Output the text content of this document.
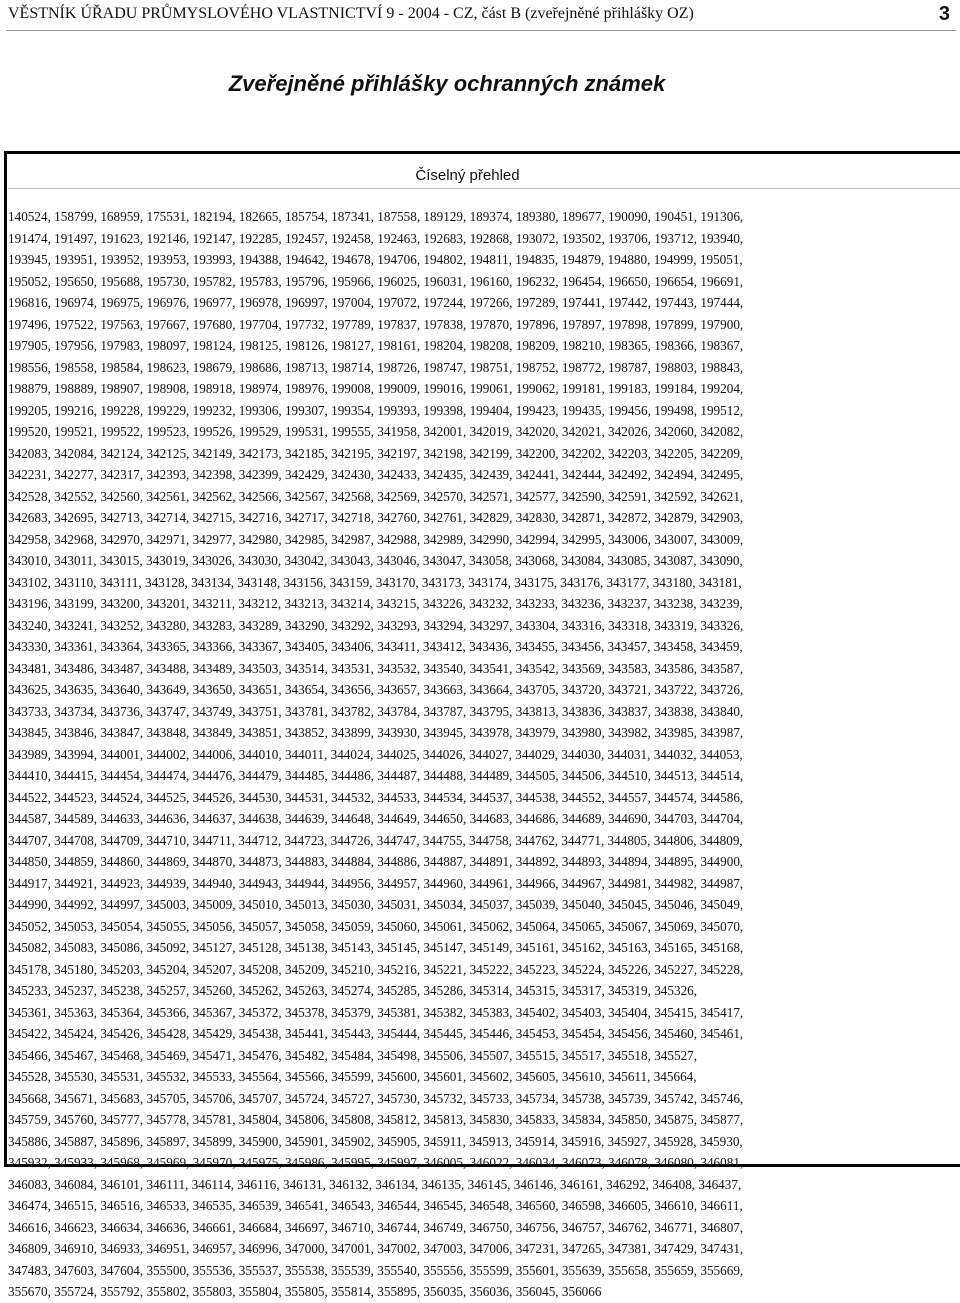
VĚSTNÍK ÚŘADU PRŮMYSLOVÉHO VLASTNICTVÍ 9 - 2004 - CZ, část B (zveřejněné přihlášky OZ)	3
Zveřejněné přihlášky ochranných známek
Číselný přehled
140524, 158799, 168959, 175531, 182194, 182665, 185754, 187341, 187558, 189129, 189374, 189380, 189677, 190090, 190451, 191306,
191474, 191497, 191623, 192146, 192147, 192285, 192457, 192458, 192463, 192683, 192868, 193072, 193502, 193706, 193712, 193940,
193945, 193951, 193952, 193953, 193993, 194388, 194642, 194678, 194706, 194802, 194811, 194835, 194879, 194880, 194999, 195051,
195052, 195650, 195688, 195730, 195782, 195783, 195796, 195966, 196025, 196031, 196160, 196232, 196454, 196650, 196654, 196691,
196816, 196974, 196975, 196976, 196977, 196978, 196997, 197004, 197072, 197244, 197266, 197289, 197441, 197442, 197443, 197444,
197496, 197522, 197563, 197667, 197680, 197704, 197732, 197789, 197837, 197838, 197870, 197896, 197897, 197898, 197899, 197900,
197905, 197956, 197983, 198097, 198124, 198125, 198126, 198127, 198161, 198204, 198208, 198209, 198210, 198365, 198366, 198367,
198556, 198558, 198584, 198623, 198679, 198686, 198713, 198714, 198726, 198747, 198751, 198752, 198772, 198787, 198803, 198843,
198879, 198889, 198907, 198908, 198918, 198974, 198976, 199008, 199009, 199016, 199061, 199062, 199181, 199183, 199184, 199204,
199205, 199216, 199228, 199229, 199232, 199306, 199307, 199354, 199393, 199398, 199404, 199423, 199435, 199456, 199498, 199512,
199520, 199521, 199522, 199523, 199526, 199529, 199531, 199555, 341958, 342001, 342019, 342020, 342021, 342026, 342060, 342082,
342083, 342084, 342124, 342125, 342149, 342173, 342185, 342195, 342197, 342198, 342199, 342200, 342202, 342203, 342205, 342209,
342231, 342277, 342317, 342393, 342398, 342399, 342429, 342430, 342433, 342435, 342439, 342441, 342444, 342492, 342494, 342495,
342528, 342552, 342560, 342561, 342562, 342566, 342567, 342568, 342569, 342570, 342571, 342577, 342590, 342591, 342592, 342621,
342683, 342695, 342713, 342714, 342715, 342716, 342717, 342718, 342760, 342761, 342829, 342830, 342871, 342872, 342879, 342903,
342958, 342968, 342970, 342971, 342977, 342980, 342985, 342987, 342988, 342989, 342990, 342994, 342995, 343006, 343007, 343009,
343010, 343011, 343015, 343019, 343026, 343030, 343042, 343043, 343046, 343047, 343058, 343068, 343084, 343085, 343087, 343090,
343102, 343110, 343111, 343128, 343134, 343148, 343156, 343159, 343170, 343173, 343174, 343175, 343176, 343177, 343180, 343181,
343196, 343199, 343200, 343201, 343211, 343212, 343213, 343214, 343215, 343226, 343232, 343233, 343236, 343237, 343238, 343239,
343240, 343241, 343252, 343280, 343283, 343289, 343290, 343292, 343293, 343294, 343297, 343304, 343316, 343318, 343319, 343326,
343330, 343361, 343364, 343365, 343366, 343367, 343405, 343406, 343411, 343412, 343436, 343455, 343456, 343457, 343458, 343459,
343481, 343486, 343487, 343488, 343489, 343503, 343514, 343531, 343532, 343540, 343541, 343542, 343569, 343583, 343586, 343587,
343625, 343635, 343640, 343649, 343650, 343651, 343654, 343656, 343657, 343663, 343664, 343705, 343720, 343721, 343722, 343726,
343733, 343734, 343736, 343747, 343749, 343751, 343781, 343782, 343784, 343787, 343795, 343813, 343836, 343837, 343838, 343840,
343845, 343846, 343847, 343848, 343849, 343851, 343852, 343899, 343930, 343945, 343978, 343979, 343980, 343982, 343985, 343987,
343989, 343994, 344001, 344002, 344006, 344010, 344011, 344024, 344025, 344026, 344027, 344029, 344030, 344031, 344032, 344053,
344410, 344415, 344454, 344474, 344476, 344479, 344485, 344486, 344487, 344488, 344489, 344505, 344506, 344510, 344513, 344514,
344522, 344523, 344524, 344525, 344526, 344530, 344531, 344532, 344533, 344534, 344537, 344538, 344552, 344557, 344574, 344586,
344587, 344589, 344633, 344636, 344637, 344638, 344639, 344648, 344649, 344650, 344683, 344686, 344689, 344690, 344703, 344704,
344707, 344708, 344709, 344710, 344711, 344712, 344723, 344726, 344747, 344755, 344758, 344762, 344771, 344805, 344806, 344809,
344850, 344859, 344860, 344869, 344870, 344873, 344883, 344884, 344886, 344887, 344891, 344892, 344893, 344894, 344895, 344900,
344917, 344921, 344923, 344939, 344940, 344943, 344944, 344956, 344957, 344960, 344961, 344966, 344967, 344981, 344982, 344987,
344990, 344992, 344997, 345003, 345009, 345010, 345013, 345030, 345031, 345034, 345037, 345039, 345040, 345045, 345046, 345049,
345052, 345053, 345054, 345055, 345056, 345057, 345058, 345059, 345060, 345061, 345062, 345064, 345065, 345067, 345069, 345070,
345082, 345083, 345086, 345092, 345127, 345128, 345138, 345143, 345145, 345147, 345149, 345161, 345162, 345163, 345165, 345168,
345178, 345180, 345203, 345204, 345207, 345208, 345209, 345210, 345216, 345221, 345222, 345223, 345224, 345226, 345227, 345228,
345233, 345237, 345238, 345257, 345260, 345262, 345263, 345274, 345285, 345286, 345314, 345315, 345317, 345319, 345326,
345361, 345363, 345364, 345366, 345367, 345372, 345378, 345379, 345381, 345382, 345383, 345402, 345403, 345404, 345415, 345417,
345422, 345424, 345426, 345428, 345429, 345438, 345441, 345443, 345444, 345445, 345446, 345453, 345454, 345456, 345460, 345461,
345466, 345467, 345468, 345469, 345471, 345476, 345482, 345484, 345498, 345506, 345507, 345515, 345517, 345518, 345527,
345528, 345530, 345531, 345532, 345533, 345564, 345566, 345599, 345600, 345601, 345602, 345605, 345610, 345611, 345664,
345668, 345671, 345683, 345705, 345706, 345707, 345724, 345727, 345730, 345732, 345733, 345734, 345738, 345739, 345742, 345746,
345759, 345760, 345777, 345778, 345781, 345804, 345806, 345808, 345812, 345813, 345830, 345833, 345834, 345850, 345875, 345877,
345886, 345887, 345896, 345897, 345899, 345900, 345901, 345902, 345905, 345911, 345913, 345914, 345916, 345927, 345928, 345930,
345932, 345933, 345968, 345969, 345970, 345975, 345986, 345995, 345997, 346005, 346022, 346034, 346073, 346078, 346080, 346081,
346083, 346084, 346101, 346111, 346114, 346116, 346131, 346132, 346134, 346135, 346145, 346146, 346161, 346292, 346408, 346437,
346474, 346515, 346516, 346533, 346535, 346539, 346541, 346543, 346544, 346545, 346548, 346560, 346598, 346605, 346610, 346611,
346616, 346623, 346634, 346636, 346661, 346684, 346697, 346710, 346744, 346749, 346750, 346756, 346757, 346762, 346771, 346807,
346809, 346910, 346933, 346951, 346957, 346996, 347000, 347001, 347002, 347003, 347006, 347231, 347265, 347381, 347429, 347431,
347483, 347603, 347604, 355500, 355536, 355537, 355538, 355539, 355540, 355556, 355599, 355601, 355639, 355658, 355659, 355669,
355670, 355724, 355792, 355802, 355803, 355804, 355805, 355814, 355895, 356035, 356036, 356045, 356066
